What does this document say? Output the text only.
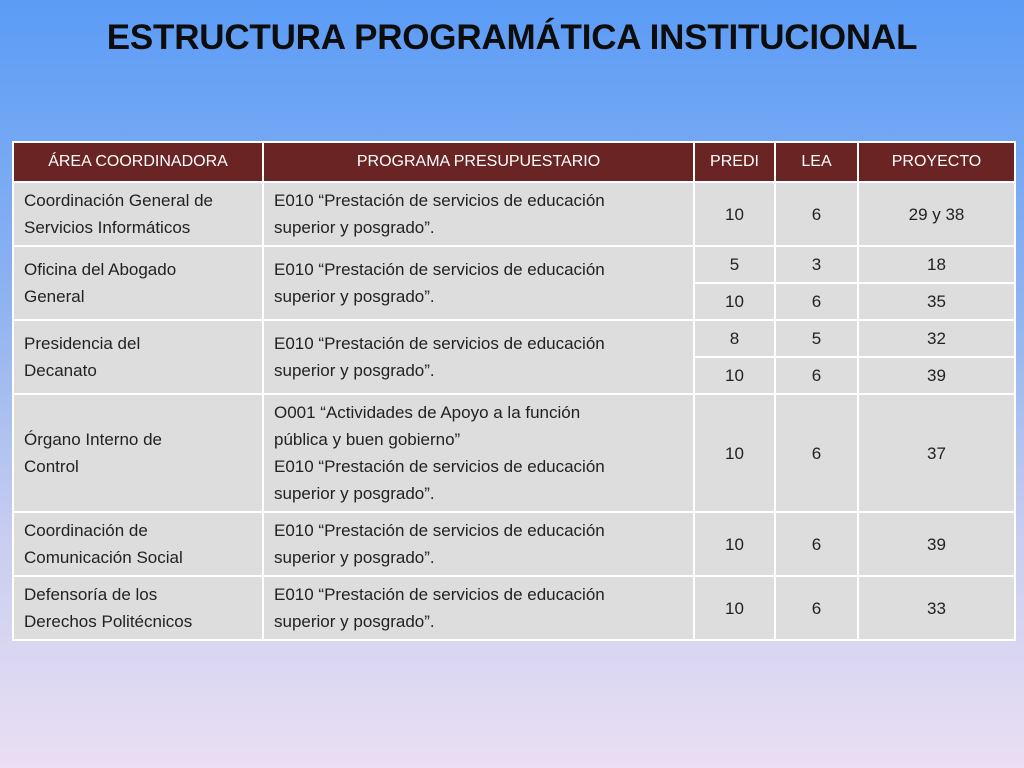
ESTRUCTURA PROGRAMÁTICA INSTITUCIONAL
ÁREA COORDINADORA	PROGRAMA PRESUPUESTARIO	PREDI	LEA	PROYECTO

Coordinación General de
Servicios Informáticos	E010 “Prestación de servicios de educación
superior y posgrado”.	10	6	29 y 38

Oficina del Abogado
General	E010 “Prestación de servicios de educación
superior y posgrado”.	5	3	18
		10	6	35

Presidencia del
Decanato	E010 “Prestación de servicios de educación
superior y posgrado”.	8	5	32
		10	6	39

Órgano Interno de
Control	O001 “Actividades de Apoyo a la función
pública y buen gobierno”
E010 “Prestación de servicios de educación
superior y posgrado”.	10	6	37

Coordinación de
Comunicación Social	E010 “Prestación de servicios de educación
superior y posgrado”.	10	6	39

Defensoría de los
Derechos Politécnicos	E010 “Prestación de servicios de educación
superior y posgrado”.	10	6	33
